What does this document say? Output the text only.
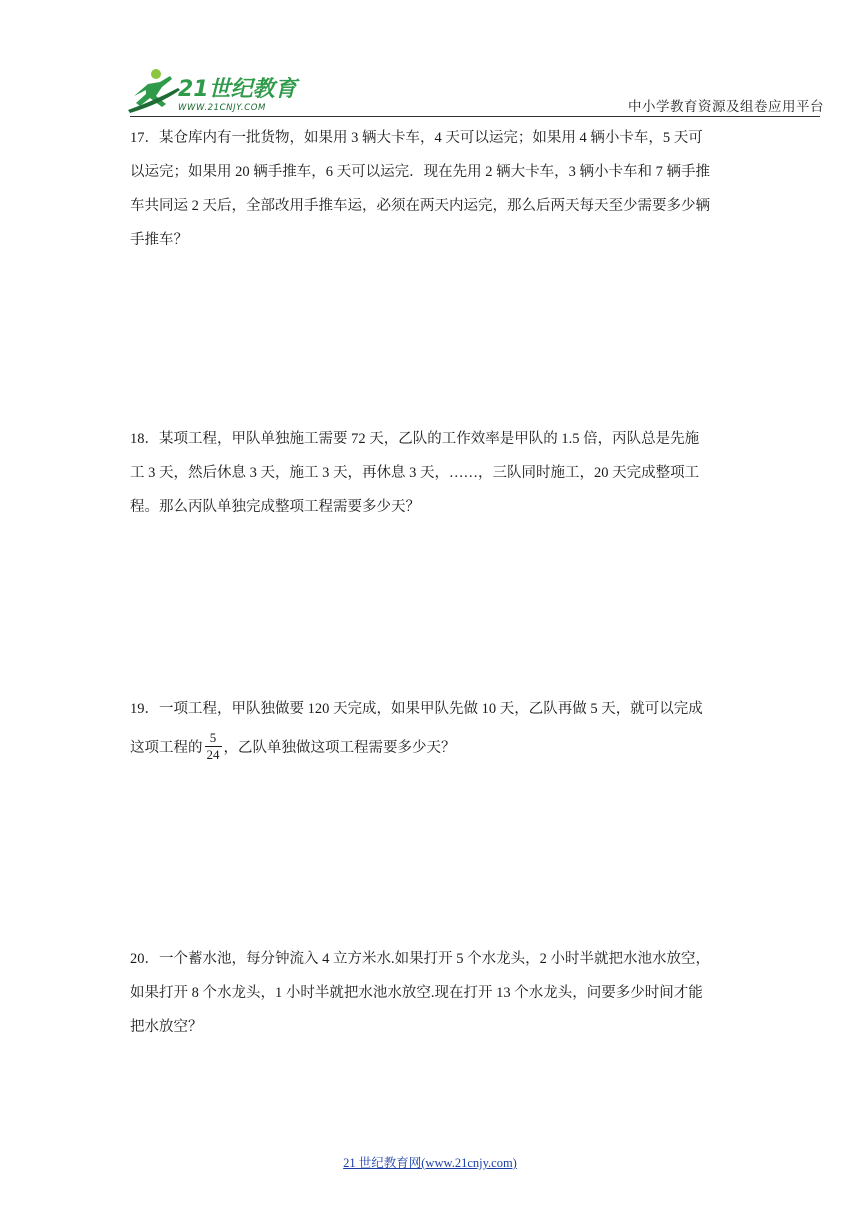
21世纪教育
WWW.21CNJY.COM	中小学教育资源及组卷应用平台
17．某仓库内有一批货物，如果用 3 辆大卡车，4 天可以运完；如果用 4 辆小卡车，5 天可
以运完；如果用 20 辆手推车，6 天可以运完．现在先用 2 辆大卡车，3 辆小卡车和 7 辆手推
车共同运 2 天后，全部改用手推车运，必须在两天内运完，那么后两天每天至少需要多少辆
手推车？
18．某项工程，甲队单独施工需要 72 天，乙队的工作效率是甲队的 1.5 倍，丙队总是先施
工 3 天，然后休息 3 天，施工 3 天，再休息 3 天，……，三队同时施工，20 天完成整项工
程。那么丙队单独完成整项工程需要多少天？
19．一项工程，甲队独做要 120 天完成，如果甲队先做 10 天，乙队再做 5 天，就可以完成
这项工程的 $\frac{5}{24}$ ，乙队单独做这项工程需要多少天？
20．一个蓄水池，每分钟流入 4 立方米水.如果打开 5 个水龙头，2 小时半就把水池水放空，
如果打开 8 个水龙头，1 小时半就把水池水放空.现在打开 13 个水龙头，问要多少时间才能
把水放空？
21 世纪教育网(www.21cnjy.com)
